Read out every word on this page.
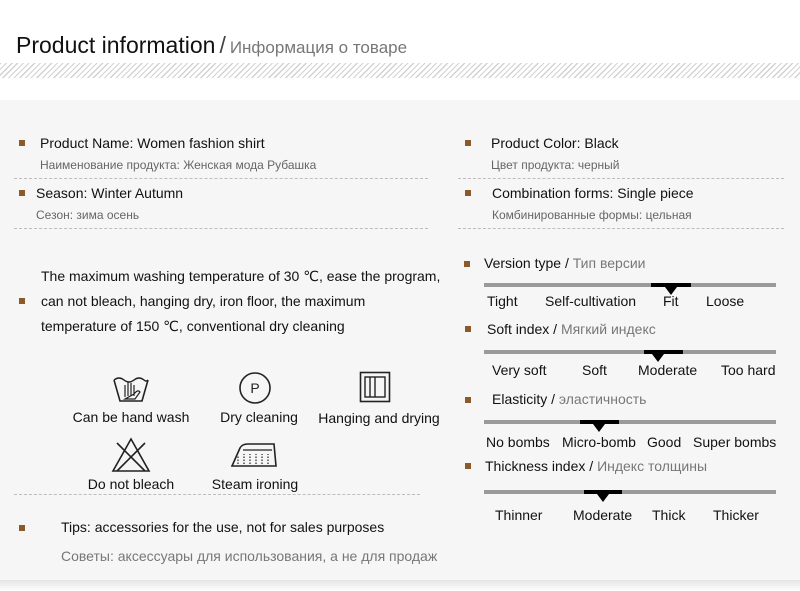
Product information / Информация о товаре
Product Name: Women fashion shirt
Наименование продукта: Женская мода Рубашка
Season: Winter Autumn
Сезон: зима осень
Product Color: Black
Цвет продукта: черный
Combination forms: Single piece
Комбинированные формы: цельная
The maximum washing temperature of 30 ℃, ease the program,
can not bleach, hanging dry, iron floor, the maximum
temperature of 150 ℃, conventional dry cleaning
Can be hand wash
P
Dry cleaning Hanging and drying
Do not bleach	Steam ironing
Tips: accessories for the use, not for sales purposes
Советы: аксессуары для использования, а не для продаж
Version type / Тип версии
Tight Self-cultivation Fit Loose
Soft index / Мягкий индекс
Very soft	Soft Moderate Too hard
Elasticity / эластичность
No bombs Micro-bomb Good Super bombs
Thickness index / Индекс толщины
Thinner Moderate Thick Thicker
